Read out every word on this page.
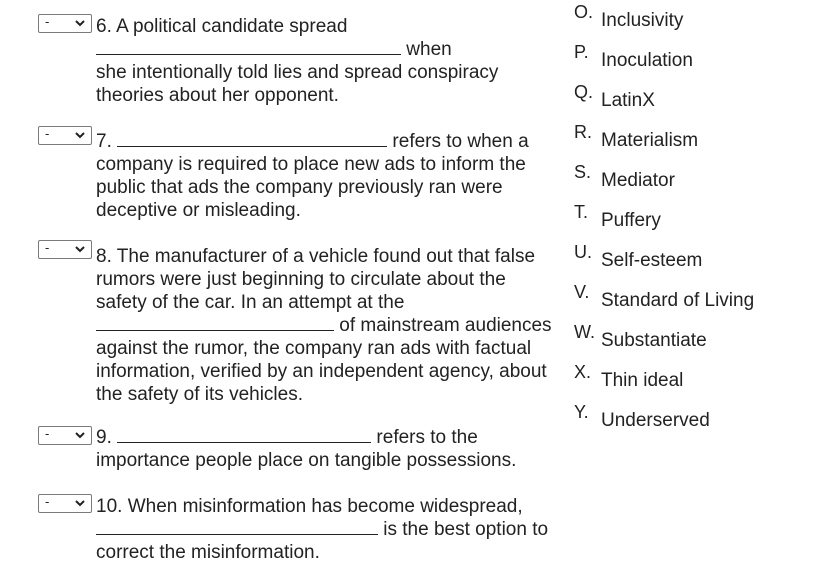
- 6. A political candidate spread
when
she intentionally told lies and spread conspiracy
theories about her opponent.
- 7.	refers to when a
company is required to place new ads to inform the
public that ads the company previously ran were
deceptive or misleading.
- 8. The manufacturer of a vehicle found out that false
rumors were just beginning to circulate about the
safety of the car. In an attempt at the
of mainstream audiences
against the rumor, the company ran ads with factual
information, verified by an independent agency, about
the safety of its vehicles.
- 9.	refers to the
importance people place on tangible possessions.
- 10. When misinformation has become widespread,
is the best option to
correct the misinformation.
O. Inclusivity
P. Inoculation
Q. LatinX
R. Materialism
S. Mediator
T. Puffery
U. Self-esteem
V. Standard of Living
W. Substantiate
X. Thin ideal
Y. Underserved
